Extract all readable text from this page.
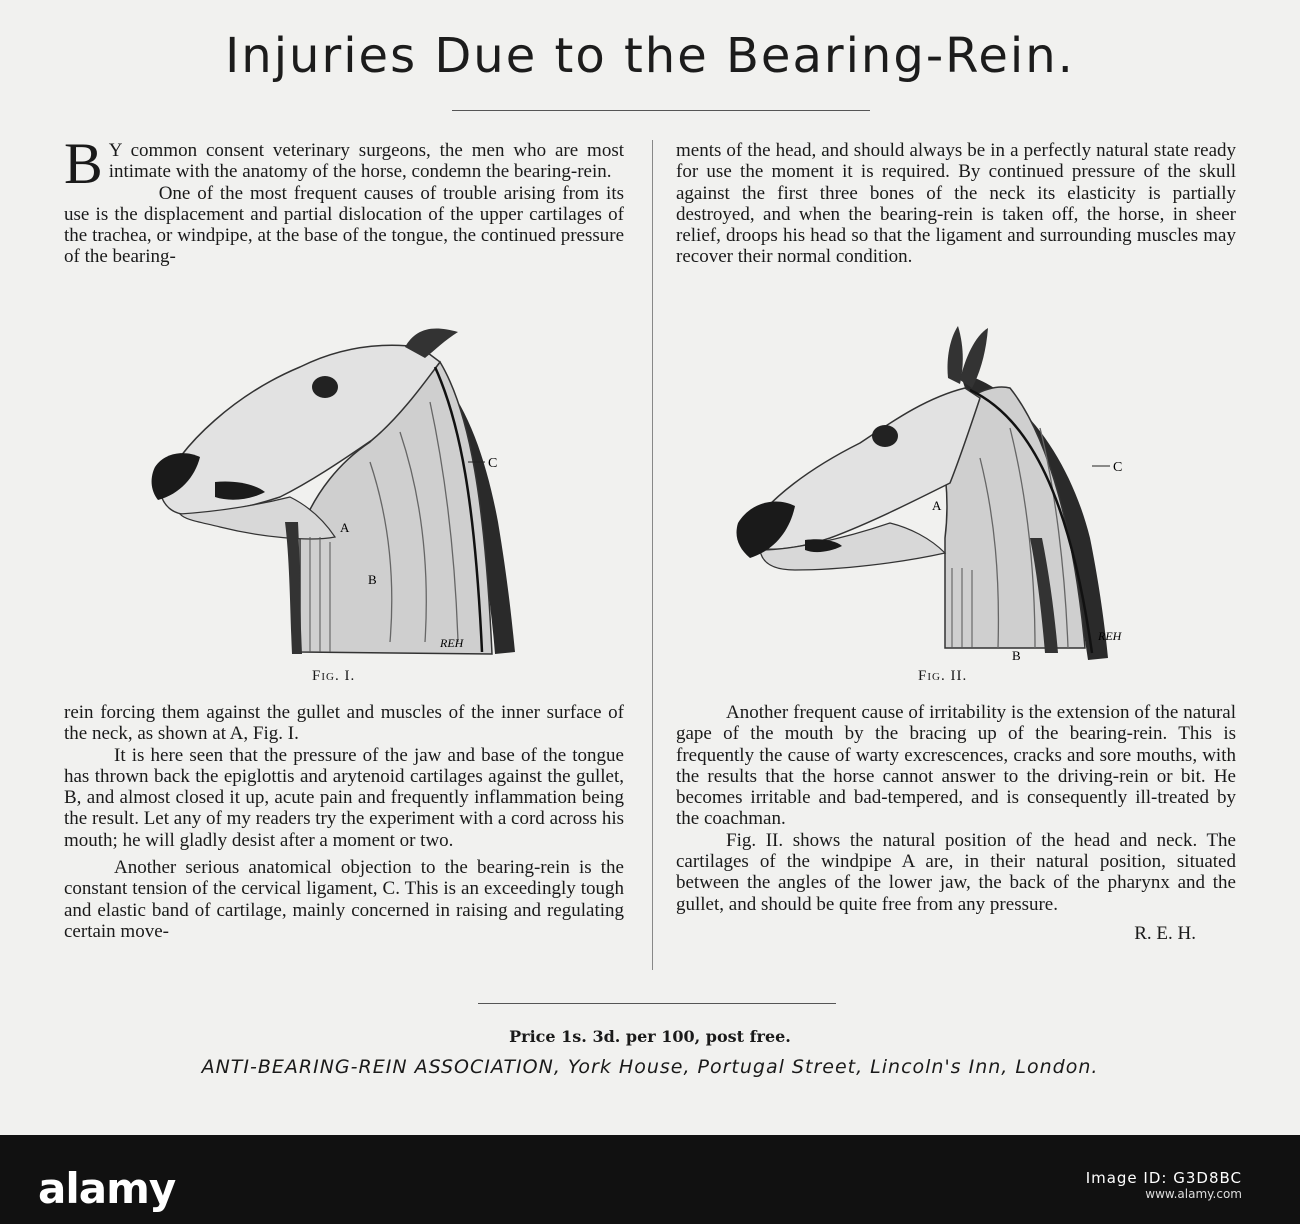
Injuries Due to the Bearing-Rein.

B Y common consent veterinary surgeons, the men who are most intimate with the anatomy of the horse, condemn the bearing-rein.

One of the most frequent causes of trouble arising from its use is the displacement and partial dislocation of the upper cartilages of the trachea, or windpipe, at the base of the tongue, the continued pressure of the bearing-

ments of the head, and should always be in a perfectly natural state ready for use the moment it is required. By continued pressure of the skull against the first three bones of the neck its elasticity is partially destroyed, and when the bearing-rein is taken off, the horse, in sheer relief, droops his head so that the ligament and surrounding muscles may recover their normal condition.

C
A
B
REH
Fig. I.
C
A
B
REH
Fig. II.

rein forcing them against the gullet and muscles of the inner surface of the neck, as shown at A, Fig. I.

It is here seen that the pressure of the jaw and base of the tongue has thrown back the epiglottis and arytenoid cartilages against the gullet, B, and almost closed it up, acute pain and frequently inflammation being the result. Let any of my readers try the experiment with a cord across his mouth; he will gladly desist after a moment or two.

Another serious anatomical objection to the bearing-rein is the constant tension of the cervical ligament, C. This is an exceedingly tough and elastic band of cartilage, mainly concerned in raising and regulating certain move-

Another frequent cause of irritability is the extension of the natural gape of the mouth by the bracing up of the bearing-rein. This is frequently the cause of warty excrescences, cracks and sore mouths, with the results that the horse cannot answer to the driving-rein or bit. He becomes irritable and bad-tempered, and is consequently ill-treated by the coachman.

Fig. II. shows the natural position of the head and neck. The cartilages of the windpipe A are, in their natural position, situated between the angles of the lower jaw, the back of the pharynx and the gullet, and should be quite free from any pressure.

R. E. H.

Price 1s. 3d. per 100, post free.

ANTI-BEARING-REIN ASSOCIATION, York House, Portugal Street, Lincoln's Inn, London.

alamy	Image ID: G3D8BC
www.alamy.com
